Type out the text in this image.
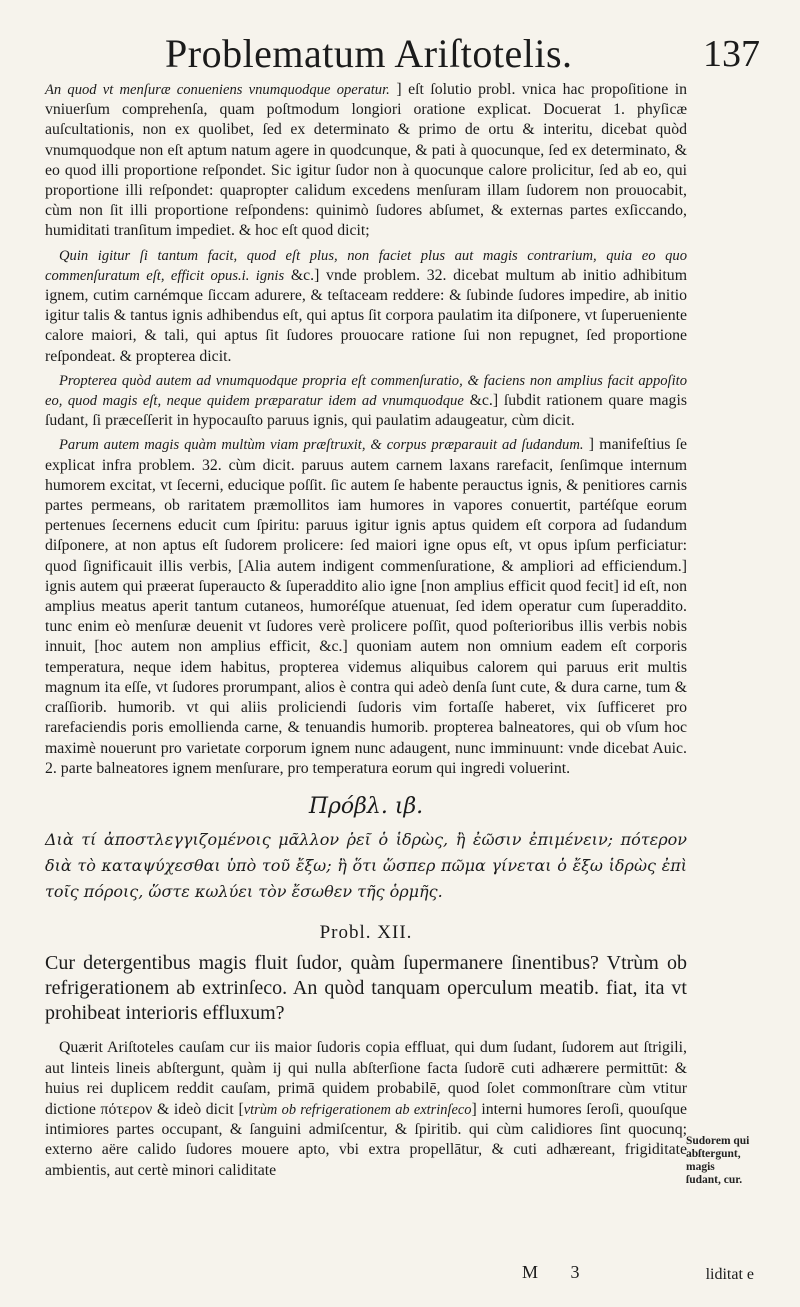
Problematum Ariſtotelis.	137

An quod vt menſuræ conueniens vnumquodque operatur. ] eſt ſolutio probl. vnica hac propoſitione in vniuerſum comprehenſa, quam poſtmodum longiori oratione explicat. Docuerat 1. phyſicæ auſcultationis, non ex quolibet, ſed ex determinato & primo de ortu & interitu, dicebat quòd vnumquodque non eſt aptum natum agere in quodcunque, & pati à quocunque, ſed ex determinato, & eo quod illi proportione reſpondet. Sic igitur ſudor non à quocunque calore prolicitur, ſed ab eo, qui proportione illi reſpondet: quapropter calidum excedens menſuram illam ſudorem non prouocabit, cùm non ſit illi proportione reſpondens: quinimò ſudores abſumet, & externas partes exſiccando, humiditati tranſitum impediet. & hoc eſt quod dicit;

Quin igitur ſi tantum facit, quod eſt plus, non faciet plus aut magis contrarium, quia eo quo commenſuratum eſt, efficit opus.i. ignis &c.] vnde problem. 32. dicebat multum ab initio adhibitum ignem, cutim carnémque ſiccam adurere, & teſtaceam reddere: & ſubinde ſudores impedire, ab initio igitur talis & tantus ignis adhibendus eſt, qui aptus ſit corpora paulatim ita diſponere, vt ſuperueniente calore maiori, & tali, qui aptus ſit ſudores prouocare ratione ſui non repugnet, ſed proportione reſpondeat. & propterea dicit.

Propterea quòd autem ad vnumquodque propria eſt commenſuratio, & faciens non amplius facit appoſito eo, quod magis eſt, neque quidem præparatur idem ad vnumquodque &c.] ſubdit rationem quare magis ſudant, ſi præceſſerit in hypocauſto paruus ignis, qui paulatim adaugeatur, cùm dicit.

Parum autem magis quàm multùm viam præſtruxit, & corpus præparauit ad ſudandum. ] manifeſtius ſe explicat infra problem. 32. cùm dicit. paruus autem carnem laxans rarefacit, ſenſimque internum humorem excitat, vt ſecerni, educique poſſit. ſic autem ſe habente perauctus ignis, & penitiores carnis partes permeans, ob raritatem præmollitos iam humores in vapores conuertit, partéſque eorum pertenues ſecernens educit cum ſpiritu: paruus igitur ignis aptus quidem eſt corpora ad ſudandum diſponere, at non aptus eſt ſudorem prolicere: ſed maiori igne opus eſt, vt opus ipſum perficiatur: quod ſignificauit illis verbis, [Alia autem indigent commenſuratione, & ampliori ad efficiendum.] ignis autem qui præerat ſuperaucto & ſuperaddito alio igne [non amplius efficit quod fecit] id eſt, non amplius meatus aperit tantum cutaneos, humoréſque atuenuat, ſed idem operatur cum ſuperaddito. tunc enim eò menſuræ deuenit vt ſudores verè prolicere poſſit, quod poſterioribus illis verbis nobis innuit, [hoc autem non amplius efficit, &c.] quoniam autem non omnium eadem eſt corporis temperatura, neque idem habitus, propterea videmus aliquibus calorem qui paruus erit multis magnum ita eſſe, vt ſudores prorumpant, alios è contra qui adeò denſa ſunt cute, & dura carne, tum & craſſiorib. humorib. vt qui aliis proliciendi ſudoris vim fortaſſe haberet, vix ſufficeret pro rarefaciendis poris emollienda carne, & tenuandis humorib. propterea balneatores, qui ob vſum hoc maximè nouerunt pro varietate corporum ignem nunc adaugent, nunc imminuunt: vnde dicebat Auic. 2. parte balneatores ignem menſurare, pro temperatura eorum qui ingredi voluerint.

Πρόβλ. ιβ.

Διὰ τί ἀποστλεγγιζομένοις μᾶλλον ῥεῖ ὁ ἱδρὼς, ἢ ἐῶσιν ἐπιμένειν; πότερον διὰ τὸ καταψύχεσθαι ὑπὸ τοῦ ἔξω; ἢ ὅτι ὥσπερ πῶμα γίνεται ὁ ἔξω ἱδρὼς ἐπὶ τοῖς πόροις, ὥστε κωλύει τὸν ἔσωθεν τῆς ὁρμῆς.

Probl. XII.

Cur detergentibus magis fluit ſudor, quàm ſupermanere ſinentibus? Vtrùm ob refrigerationem ab extrinſeco. An quòd tanquam operculum meatib. fiat, ita vt prohibeat interioris effluxum?

Quærit Ariſtoteles cauſam cur iis maior ſudoris copia effluat, qui dum ſudant, ſudorem aut ſtrigili, aut linteis lineis abſtergunt, quàm ij qui nulla abſterſione facta ſudorē cuti adhærere permittūt: & huius rei duplicem reddit cauſam, primā quidem probabilē, quod ſolet commonſtrare cùm vtitur dictione πότερον & ideò dicit [vtrùm ob refrigerationem ab extrinſeco] interni humores ſeroſi, quouſque intimiores partes occupant, & ſanguini admiſcentur, & ſpiritib. qui cùm calidiores ſint quocunq; externo aëre calido ſudores mouere apto, vbi extra propellātur, & cuti adhæreant, frigiditate ambientis, aut certè minori caliditate

Sudorem qui abſtergunt, magis ſudant, cur.
M 3	liditat e
